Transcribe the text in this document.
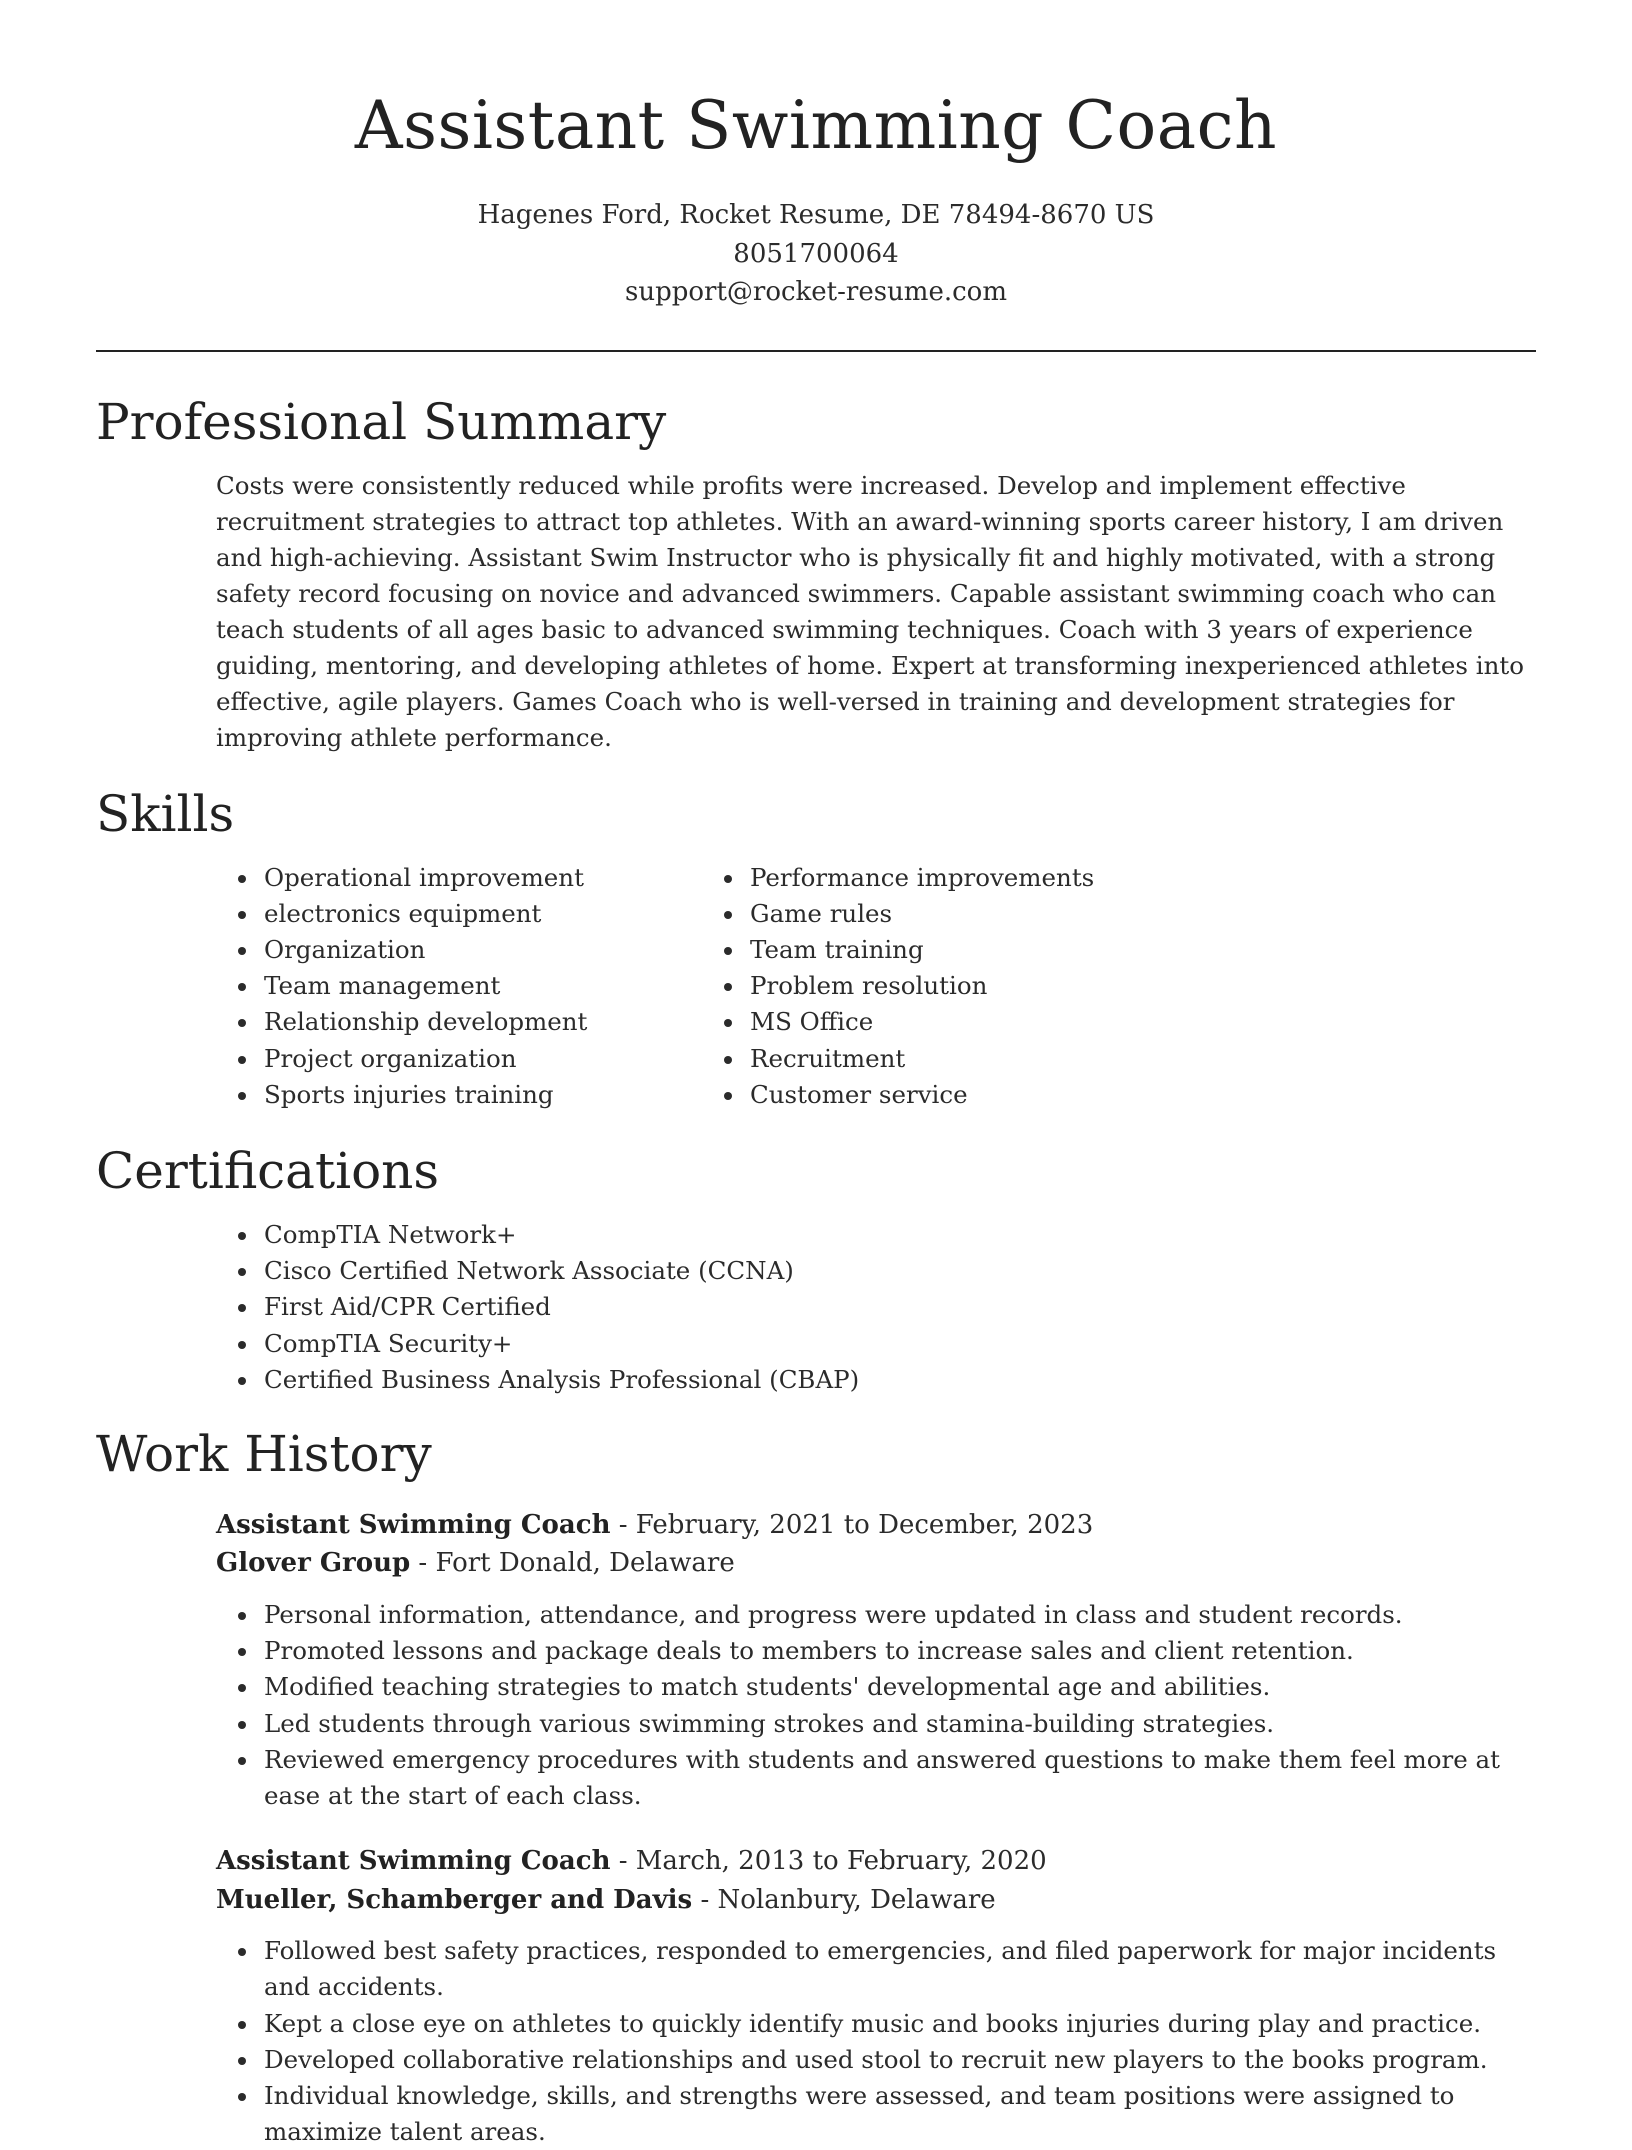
Assistant Swimming Coach
Hagenes Ford, Rocket Resume, DE 78494-8670 US
8051700064
support@rocket-resume.com
Professional Summary

Costs were consistently reduced while profits were increased. Develop and implement effective recruitment strategies to attract top athletes. With an award-winning sports career history, I am driven and high-achieving. Assistant Swim Instructor who is physically fit and highly motivated, with a strong safety record focusing on novice and advanced swimmers. Capable assistant swimming coach who can teach students of all ages basic to advanced swimming techniques. Coach with 3 years of experience guiding, mentoring, and developing athletes of home. Expert at transforming inexperienced athletes into effective, agile players. Games Coach who is well-versed in training and development strategies for improving athlete performance.

Skills
• Operational improvement
• electronics equipment
• Organization
• Team management
• Relationship development
• Project organization
• Sports injuries training
• Performance improvements
• Game rules
• Team training
• Problem resolution
• MS Office
• Recruitment
• Customer service
Certifications
• CompTIA Network+
• Cisco Certified Network Associate (CCNA)
• First Aid/CPR Certified
• CompTIA Security+
• Certified Business Analysis Professional (CBAP)
Work History
Assistant Swimming Coach - February, 2021 to December, 2023
Glover Group - Fort Donald, Delaware
• Personal information, attendance, and progress were updated in class and student records.
• Promoted lessons and package deals to members to increase sales and client retention.
• Modified teaching strategies to match students' developmental age and abilities.
• Led students through various swimming strokes and stamina-building strategies.
• Reviewed emergency procedures with students and answered questions to make them feel more at ease at the start of each class.
Assistant Swimming Coach - March, 2013 to February, 2020
Mueller, Schamberger and Davis - Nolanbury, Delaware
• Followed best safety practices, responded to emergencies, and filed paperwork for major incidents and accidents.
• Kept a close eye on athletes to quickly identify music and books injuries during play and practice.
• Developed collaborative relationships and used stool to recruit new players to the books program.
• Individual knowledge, skills, and strengths were assessed, and team positions were assigned to maximize talent areas.
